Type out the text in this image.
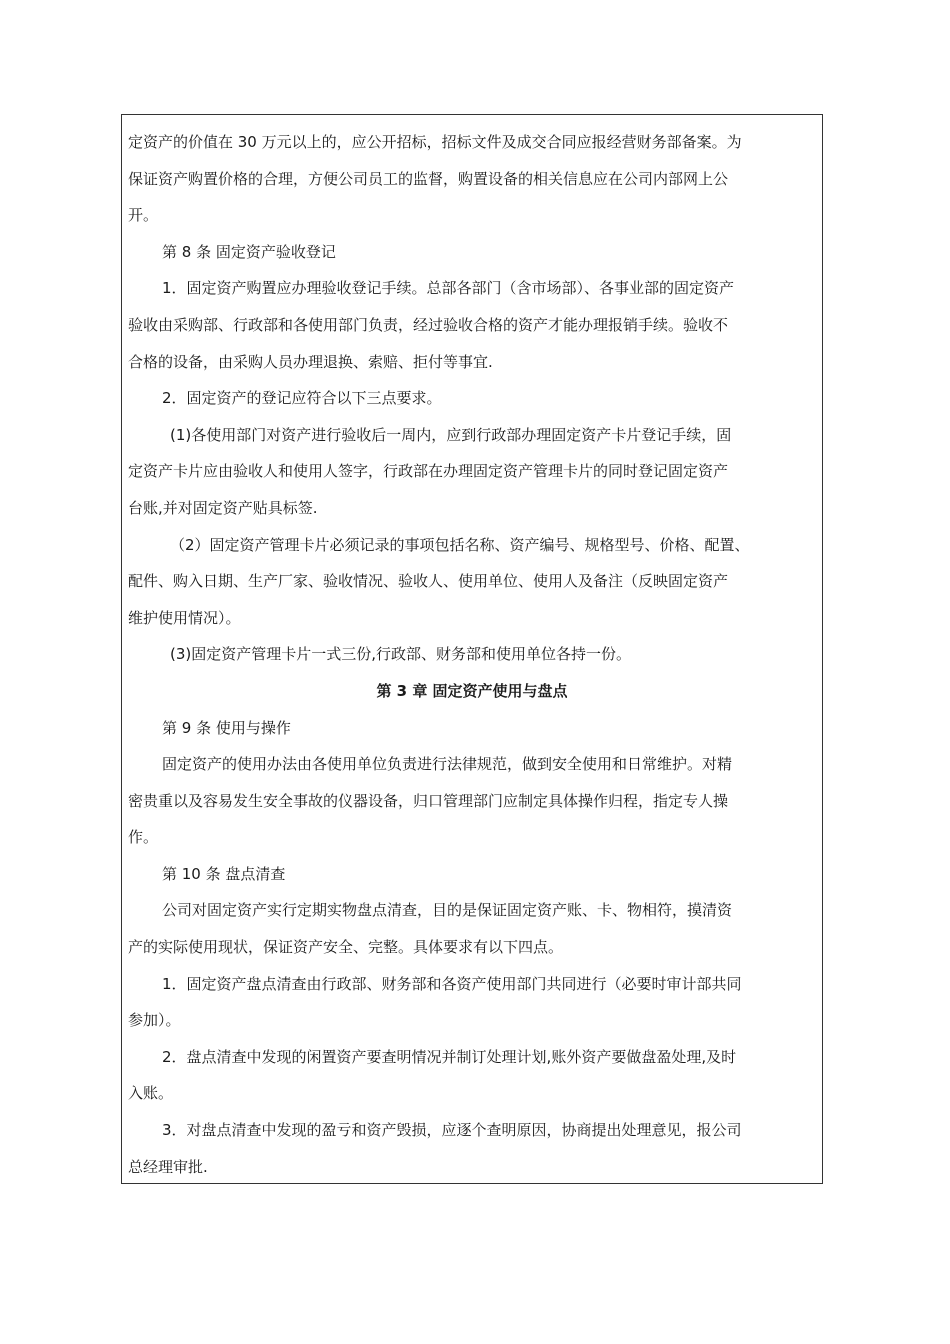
定资产的价值在 30 万元以上的，应公开招标，招标文件及成交合同应报经营财务部备案。为
保证资产购置价格的合理，方便公司员工的监督，购置设备的相关信息应在公司内部网上公
开。
第 8 条 固定资产验收登记
1．固定资产购置应办理验收登记手续。总部各部门（含市场部）、各事业部的固定资产
验收由采购部、行政部和各使用部门负责，经过验收合格的资产才能办理报销手续。验收不
合格的设备，由采购人员办理退换、索赔、拒付等事宜.
2．固定资产的登记应符合以下三点要求。
(1)各使用部门对资产进行验收后一周内，应到行政部办理固定资产卡片登记手续，固
定资产卡片应由验收人和使用人签字，行政部在办理固定资产管理卡片的同时登记固定资产
台账,并对固定资产贴具标签.
（2）固定资产管理卡片必须记录的事项包括名称、资产编号、规格型号、价格、配置、
配件、购入日期、生产厂家、验收情况、验收人、使用单位、使用人及备注（反映固定资产
维护使用情况）。
(3)固定资产管理卡片一式三份,行政部、财务部和使用单位各持一份。
第 3 章 固定资产使用与盘点
第 9 条 使用与操作
固定资产的使用办法由各使用单位负责进行法律规范，做到安全使用和日常维护。对精
密贵重以及容易发生安全事故的仪器设备，归口管理部门应制定具体操作归程，指定专人操
作。
第 10 条 盘点清查
公司对固定资产实行定期实物盘点清查，目的是保证固定资产账、卡、物相符，摸清资
产的实际使用现状，保证资产安全、完整。具体要求有以下四点。
1．固定资产盘点清查由行政部、财务部和各资产使用部门共同进行（必要时审计部共同
参加）。
2．盘点清查中发现的闲置资产要查明情况并制订处理计划,账外资产要做盘盈处理,及时
入账。
3．对盘点清查中发现的盈亏和资产毁损，应逐个查明原因，协商提出处理意见，报公司
总经理审批.
